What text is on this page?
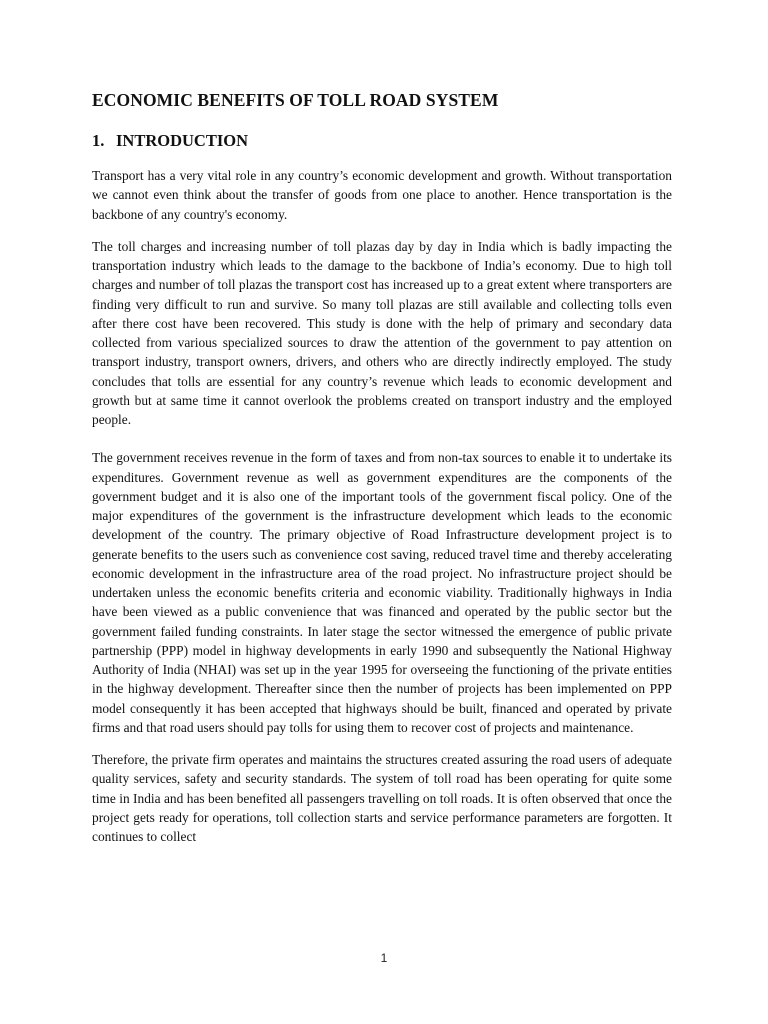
ECONOMIC BENEFITS OF TOLL ROAD SYSTEM
1. INTRODUCTION

Transport has a very vital role in any country’s economic development and growth. Without transportation we cannot even think about the transfer of goods from one place to another. Hence transportation is the backbone of any country's economy.

The toll charges and increasing number of toll plazas day by day in India which is badly impacting the transportation industry which leads to the damage to the backbone of India’s economy. Due to high toll charges and number of toll plazas the transport cost has increased up to a great extent where transporters are finding very difficult to run and survive. So many toll plazas are still available and collecting tolls even after there cost have been recovered. This study is done with the help of primary and secondary data collected from various specialized sources to draw the attention of the government to pay attention on transport industry, transport owners, drivers, and others who are directly indirectly employed. The study concludes that tolls are essential for any country’s revenue which leads to economic development and growth but at same time it cannot overlook the problems created on transport industry and the employed people.

The government receives revenue in the form of taxes and from non-tax sources to enable it to undertake its expenditures. Government revenue as well as government expenditures are the components of the government budget and it is also one of the important tools of the government fiscal policy. One of the major expenditures of the government is the infrastructure development which leads to the economic development of the country. The primary objective of Road Infrastructure development project is to generate benefits to the users such as convenience cost saving, reduced travel time and thereby accelerating economic development in the infrastructure area of the road project. No infrastructure project should be undertaken unless the economic benefits criteria and economic viability. Traditionally highways in India have been viewed as a public convenience that was financed and operated by the public sector but the government failed funding constraints. In later stage the sector witnessed the emergence of public private partnership (PPP) model in highway developments in early 1990 and subsequently the National Highway Authority of India (NHAI) was set up in the year 1995 for overseeing the functioning of the private entities in the highway development. Thereafter since then the number of projects has been implemented on PPP model consequently it has been accepted that highways should be built, financed and operated by private firms and that road users should pay tolls for using them to recover cost of projects and maintenance.

Therefore, the private firm operates and maintains the structures created assuring the road users of adequate quality services, safety and security standards. The system of toll road has been operating for quite some time in India and has been benefited all passengers travelling on toll roads. It is often observed that once the project gets ready for operations, toll collection starts and service performance parameters are forgotten. It continues to collect

1
